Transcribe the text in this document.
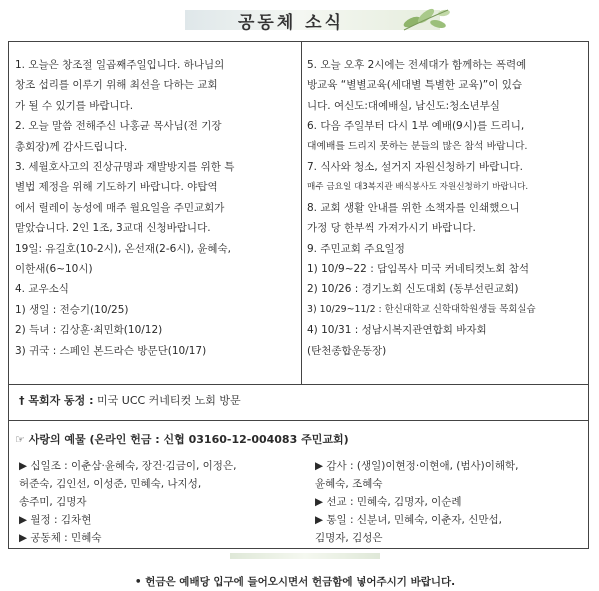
공동체 소식
1. 오늘은 창조절 일곱째주일입니다. 하나님의
창조 섭리를 이루기 위해 최선을 다하는 교회
가 될 수 있기를 바랍니다.
2. 오늘 말씀 전해주신 나홍균 목사님(전 기장
총회장)께 감사드립니다.
3. 세월호사고의 진상규명과 재발방지를 위한 특
별법 제정을 위해 기도하기 바랍니다. 야탑역
에서 릴레이 농성에 매주 월요일을 주민교회가
맡았습니다. 2인 1조, 3교대 신청바랍니다.
19일: 유길호(10-2시), 온선재(2-6시), 윤혜숙,
이한새(6~10시)
4. 교우소식
1) 생일 : 전승기(10/25)
2) 득녀 : 김상훈·최민화(10/12)
3) 귀국 : 스페인 본드라슨 방문단(10/17)
5. 오늘 오후 2시에는 전세대가 함께하는 폭력예
방교육 “별별교육(세대별 특별한 교육)”이 있습
니다. 여신도:대예배실, 남신도:청소년부실
6. 다음 주일부터 다시 1부 예배(9시)를 드리니,
대예배를 드리지 못하는 분들의 많은 참석 바랍니다.
7. 식사와 청소, 설거지 자원신청하기 바랍니다.
매주 금요일 대3복지관 배식봉사도 자원신청하기 바랍니다.
8. 교회 생활 안내를 위한 소책자를 인쇄했으니
가정 당 한부씩 가져가시기 바랍니다.
9. 주민교회 주요일정
1) 10/9~22 : 담임목사 미국 커네티컷노회 참석
2) 10/26 : 경기노회 신도대회 (동부선린교회)
3) 10/29~11/2 : 한신대학교 신학대학원생들 목회실습
4) 10/31 : 성남시복지관연합회 바자회
(탄천종합운동장)
† 목회자 동정 : 미국 UCC 커네티컷 노회 방문
☞ 사랑의 예물 (온라인 헌금 : 신협 03160-12-004083 주민교회)
▶ 십일조 : 이춘삼·윤혜숙, 장건·김금이, 이정은,
허준숙, 김인선, 이성준, 민혜숙, 나지성,
송주미, 김명자
▶ 월정 : 김차현
▶ 공동체 : 민혜숙
▶ 감사 : (생일)이현정·이현애, (범사)이해학,
윤혜숙, 조혜숙
▶ 선교 : 민혜숙, 김명자, 이순례
▶ 통일 : 신분녀, 민혜숙, 이춘자, 신만섭,
김명자, 김성은
• 헌금은 예배당 입구에 들어오시면서 헌금함에 넣어주시기 바랍니다.
